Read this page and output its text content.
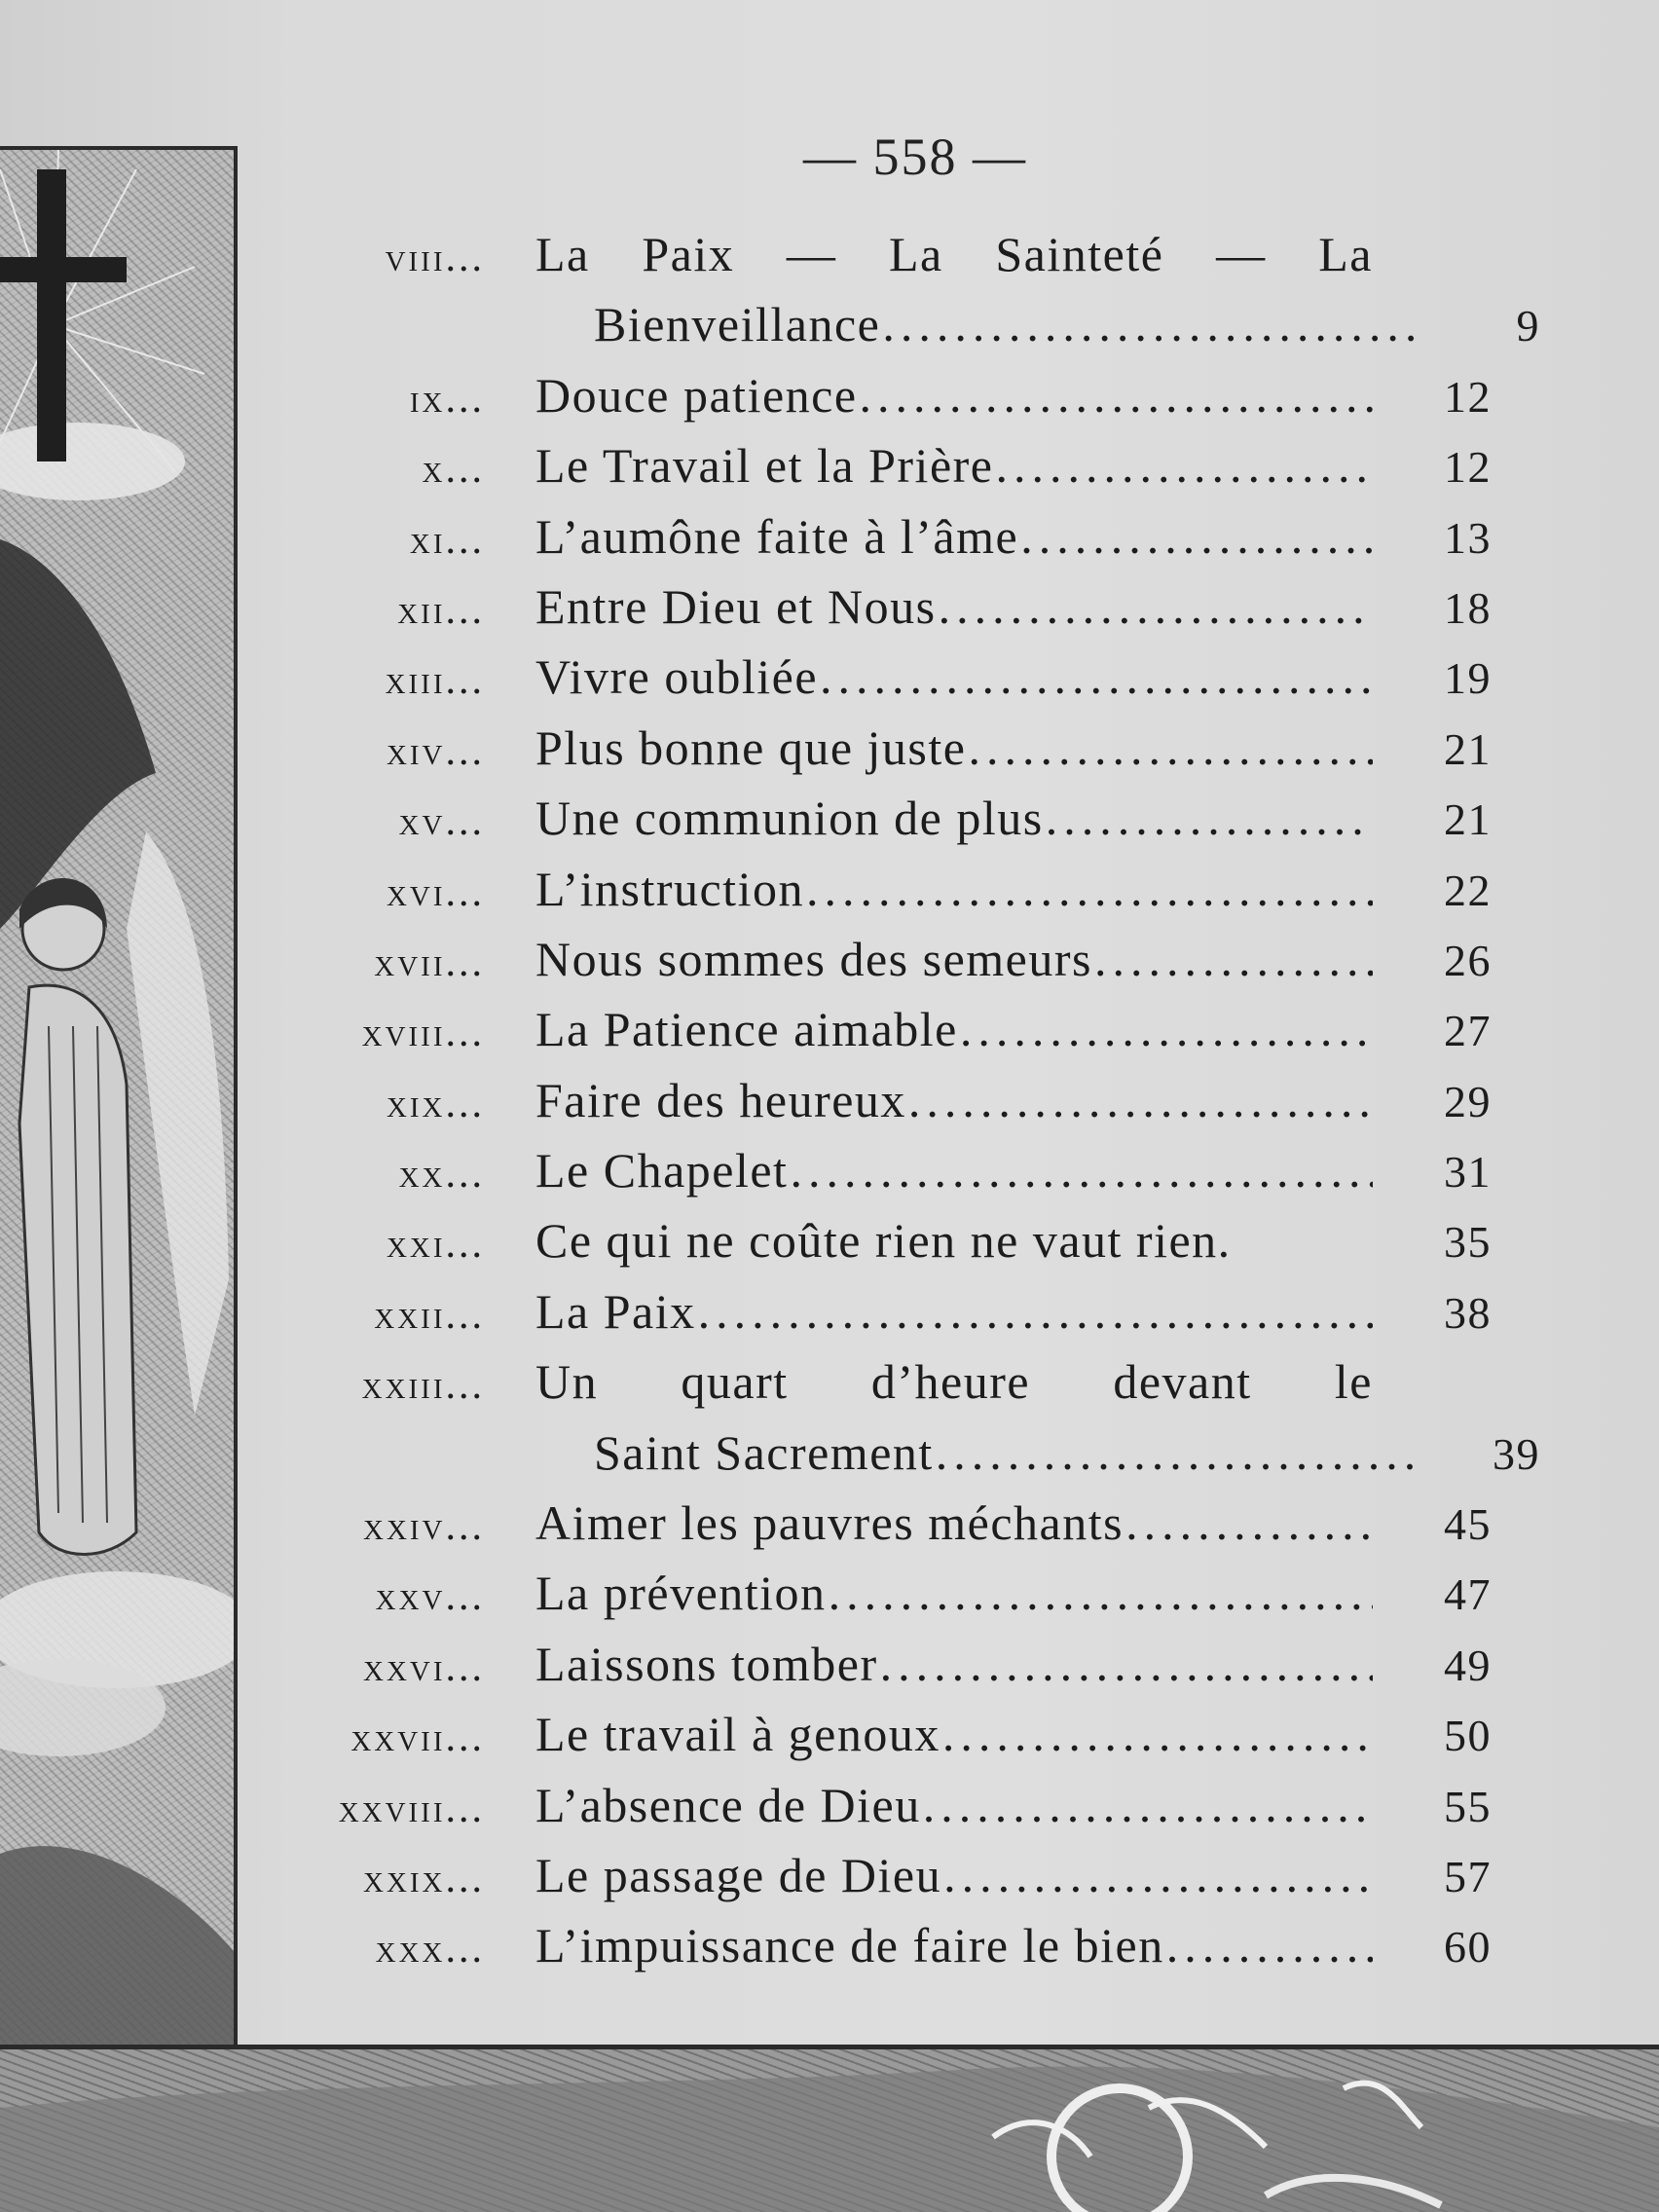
— 558 —
viii...	La Paix — La Sainteté — La
Bienveillance .....	9
ix...	Douce patience .....	12
x...	Le Travail et la Prière .....	12
xi...	L’aumône faite à l’âme .....	13
xii...	Entre Dieu et Nous .....	18
xiii...	Vivre oubliée .....	19
xiv...	Plus bonne que juste .....	21
xv...	Une communion de plus .....	21
xvi...	L’instruction .....	22
xvii...	Nous sommes des semeurs .....	26
xviii...	La Patience aimable .....	27
xix...	Faire des heureux .....	29
xx...	Le Chapelet .....	31
xxi...	Ce qui ne coûte rien ne vaut rien.	35
xxii...	La Paix .....	38
xxiii...	Un quart d’heure devant le
Saint Sacrement .....	39
xxiv...	Aimer les pauvres méchants .....	45
xxv...	La prévention .....	47
xxvi...	Laissons tomber .....	49
xxvii...	Le travail à genoux .....	50
xxviii...	L’absence de Dieu .....	55
xxix...	Le passage de Dieu .....	57
xxx...	L’impuissance de faire le bien .....	60
